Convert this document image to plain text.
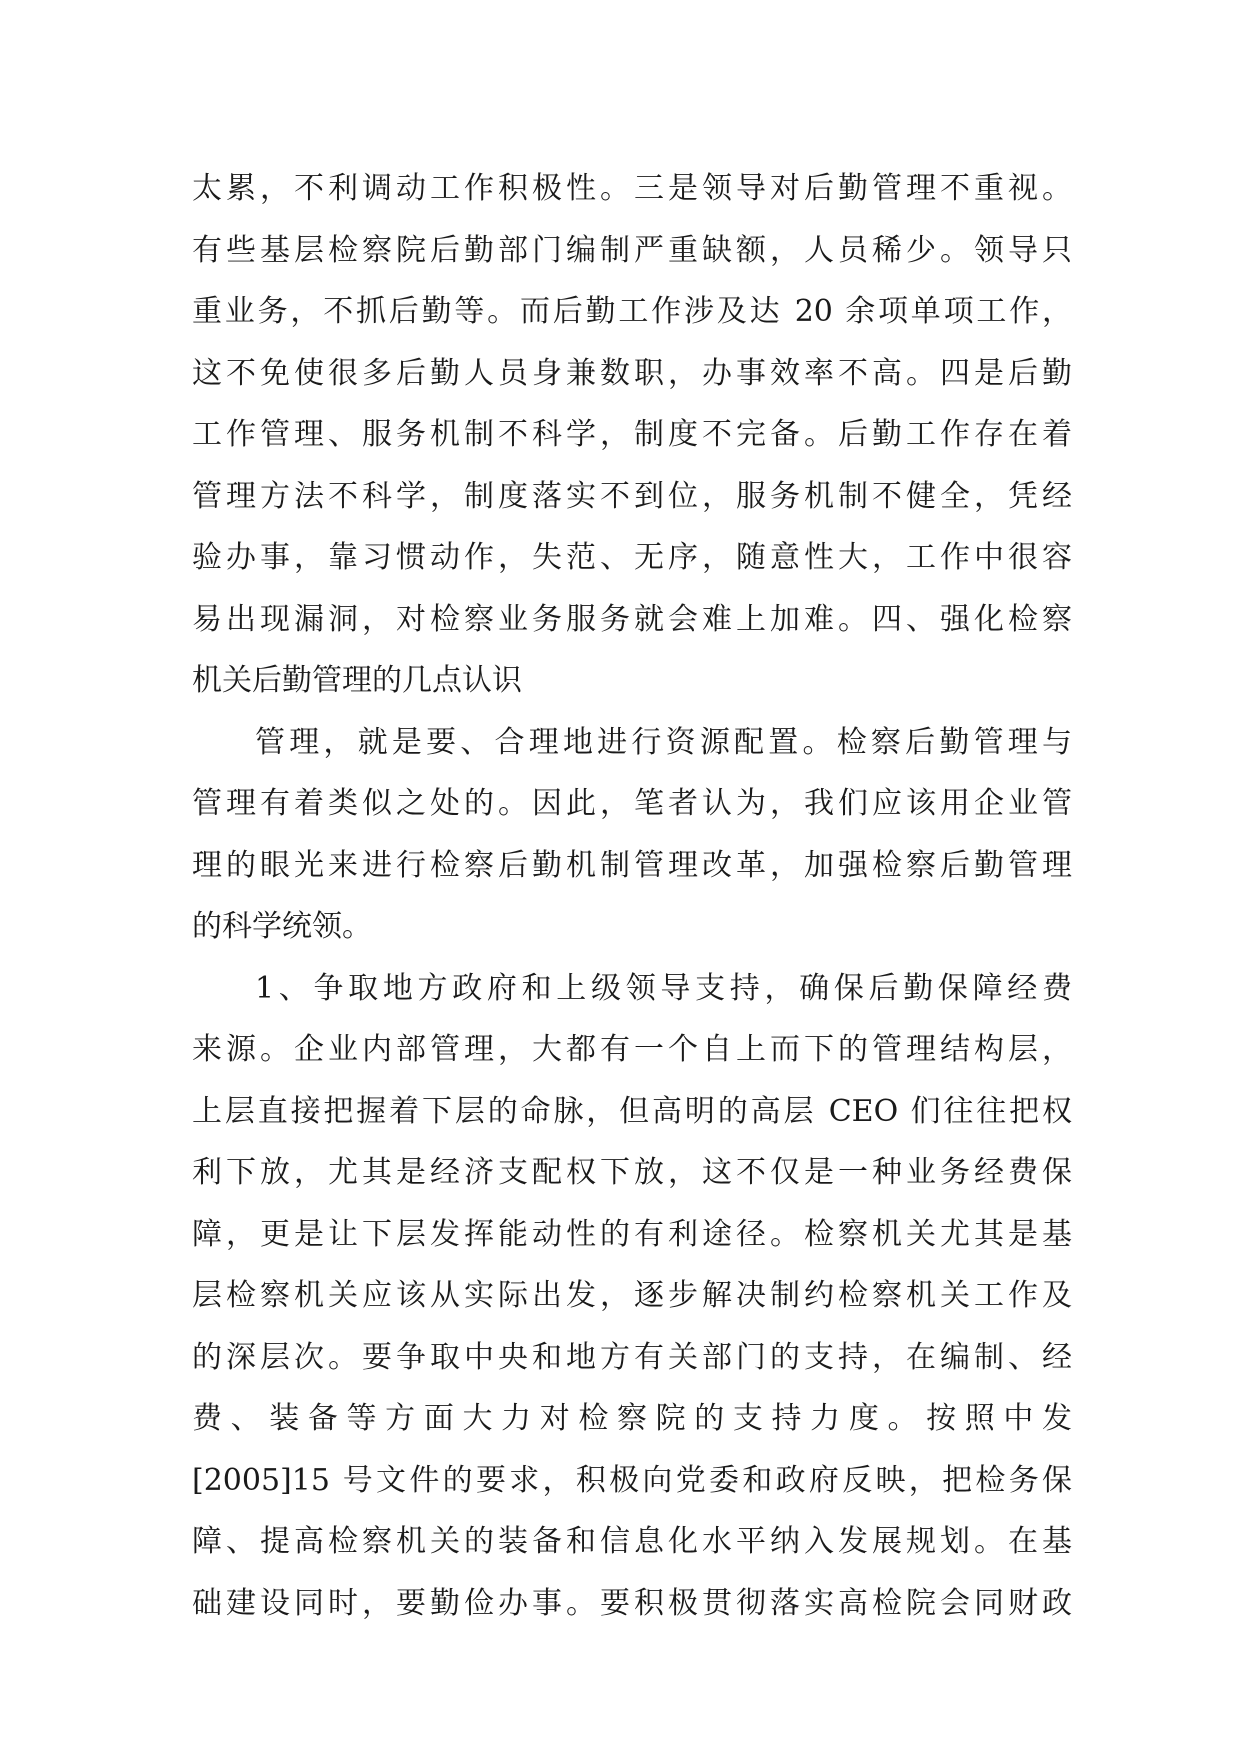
太累，不利调动工作积极性。三是领导对后勤管理不重视。
有些基层检察院后勤部门编制严重缺额，人员稀少。领导只
重业务，不抓后勤等。而后勤工作涉及达 20 余项单项工作，
这不免使很多后勤人员身兼数职，办事效率不高。四是后勤
工作管理、服务机制不科学，制度不完备。后勤工作存在着
管理方法不科学，制度落实不到位，服务机制不健全，凭经
验办事，靠习惯动作，失范、无序，随意性大，工作中很容
易出现漏洞，对检察业务服务就会难上加难。四、强化检察
机关后勤管理的几点认识
管理，就是要、合理地进行资源配置。检察后勤管理与
管理有着类似之处的。因此，笔者认为，我们应该用企业管
理的眼光来进行检察后勤机制管理改革，加强检察后勤管理
的科学统领。
1、争取地方政府和上级领导支持，确保后勤保障经费
来源。企业内部管理，大都有一个自上而下的管理结构层，
上层直接把握着下层的命脉，但高明的高层 CEO 们往往把权
利下放，尤其是经济支配权下放，这不仅是一种业务经费保
障，更是让下层发挥能动性的有利途径。检察机关尤其是基
层检察机关应该从实际出发，逐步解决制约检察机关工作及
的深层次。要争取中央和地方有关部门的支持，在编制、经
费、装备等方面大力对检察院的支持力度。按照中发
[2005]15 号文件的要求，积极向党委和政府反映，把检务保
障、提高检察机关的装备和信息化水平纳入发展规划。在基
础建设同时，要勤俭办事。要积极贯彻落实高检院会同财政
